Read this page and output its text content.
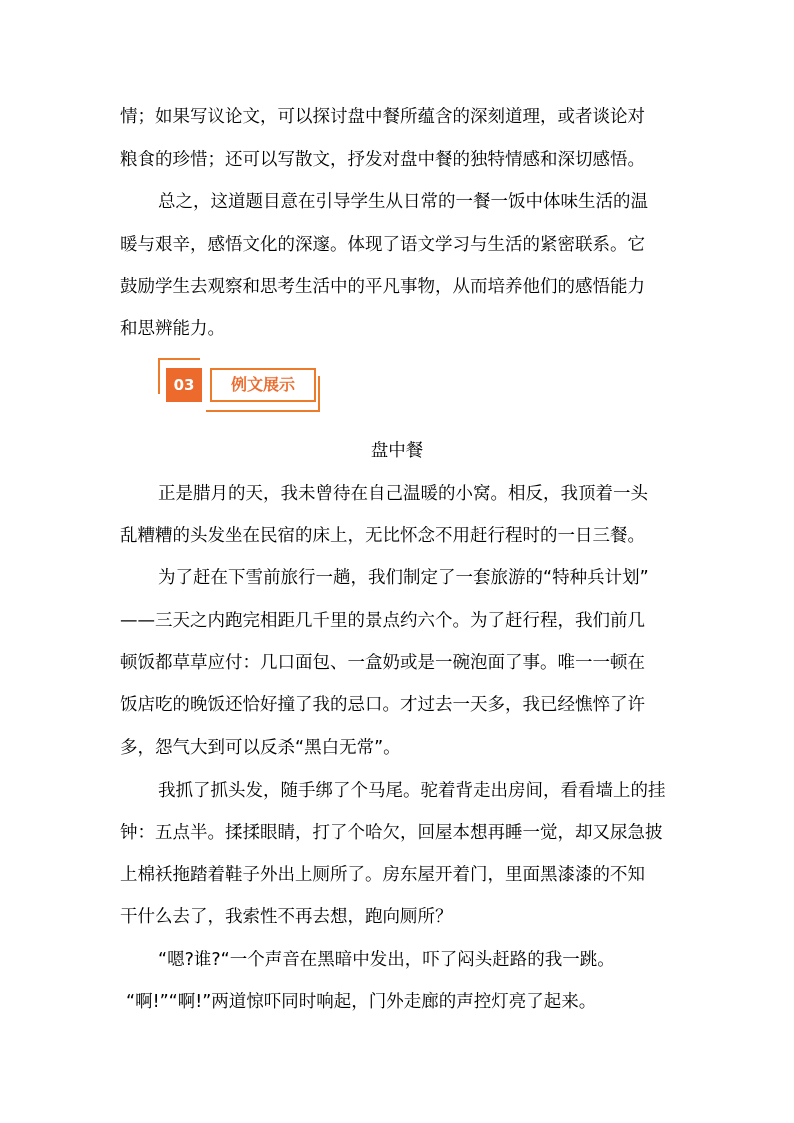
情；如果写议论文，可以探讨盘中餐所蕴含的深刻道理，或者谈论对
粮食的珍惜；还可以写散文，抒发对盘中餐的独特情感和深切感悟。
总之，这道题目意在引导学生从日常的一餐一饭中体味生活的温
暖与艰辛，感悟文化的深邃。体现了语文学习与生活的紧密联系。它
鼓励学生去观察和思考生活中的平凡事物，从而培养他们的感悟能力
和思辨能力。
03	例文展示
盘中餐
正是腊月的天，我未曾待在自己温暖的小窝。相反，我顶着一头
乱糟糟的头发坐在民宿的床上，无比怀念不用赶行程时的一日三餐。
为了赶在下雪前旅行一趟，我们制定了一套旅游的“特种兵计划”
——三天之内跑完相距几千里的景点约六个。为了赶行程，我们前几
顿饭都草草应付：几口面包、一盒奶或是一碗泡面了事。唯一一顿在
饭店吃的晚饭还恰好撞了我的忌口。才过去一天多，我已经憔悴了许
多，怨气大到可以反杀“黑白无常”。
我抓了抓头发，随手绑了个马尾。驼着背走出房间，看看墙上的挂
钟：五点半。揉揉眼睛，打了个哈欠，回屋本想再睡一觉，却又尿急披
上棉袄拖踏着鞋子外出上厕所了。房东屋开着门，里面黑漆漆的不知
干什么去了，我索性不再去想，跑向厕所？
“嗯?谁?“一个声音在黑暗中发出，吓了闷头赶路的我一跳。
“啊!”“啊!”两道惊吓同时响起，门外走廊的声控灯亮了起来。
